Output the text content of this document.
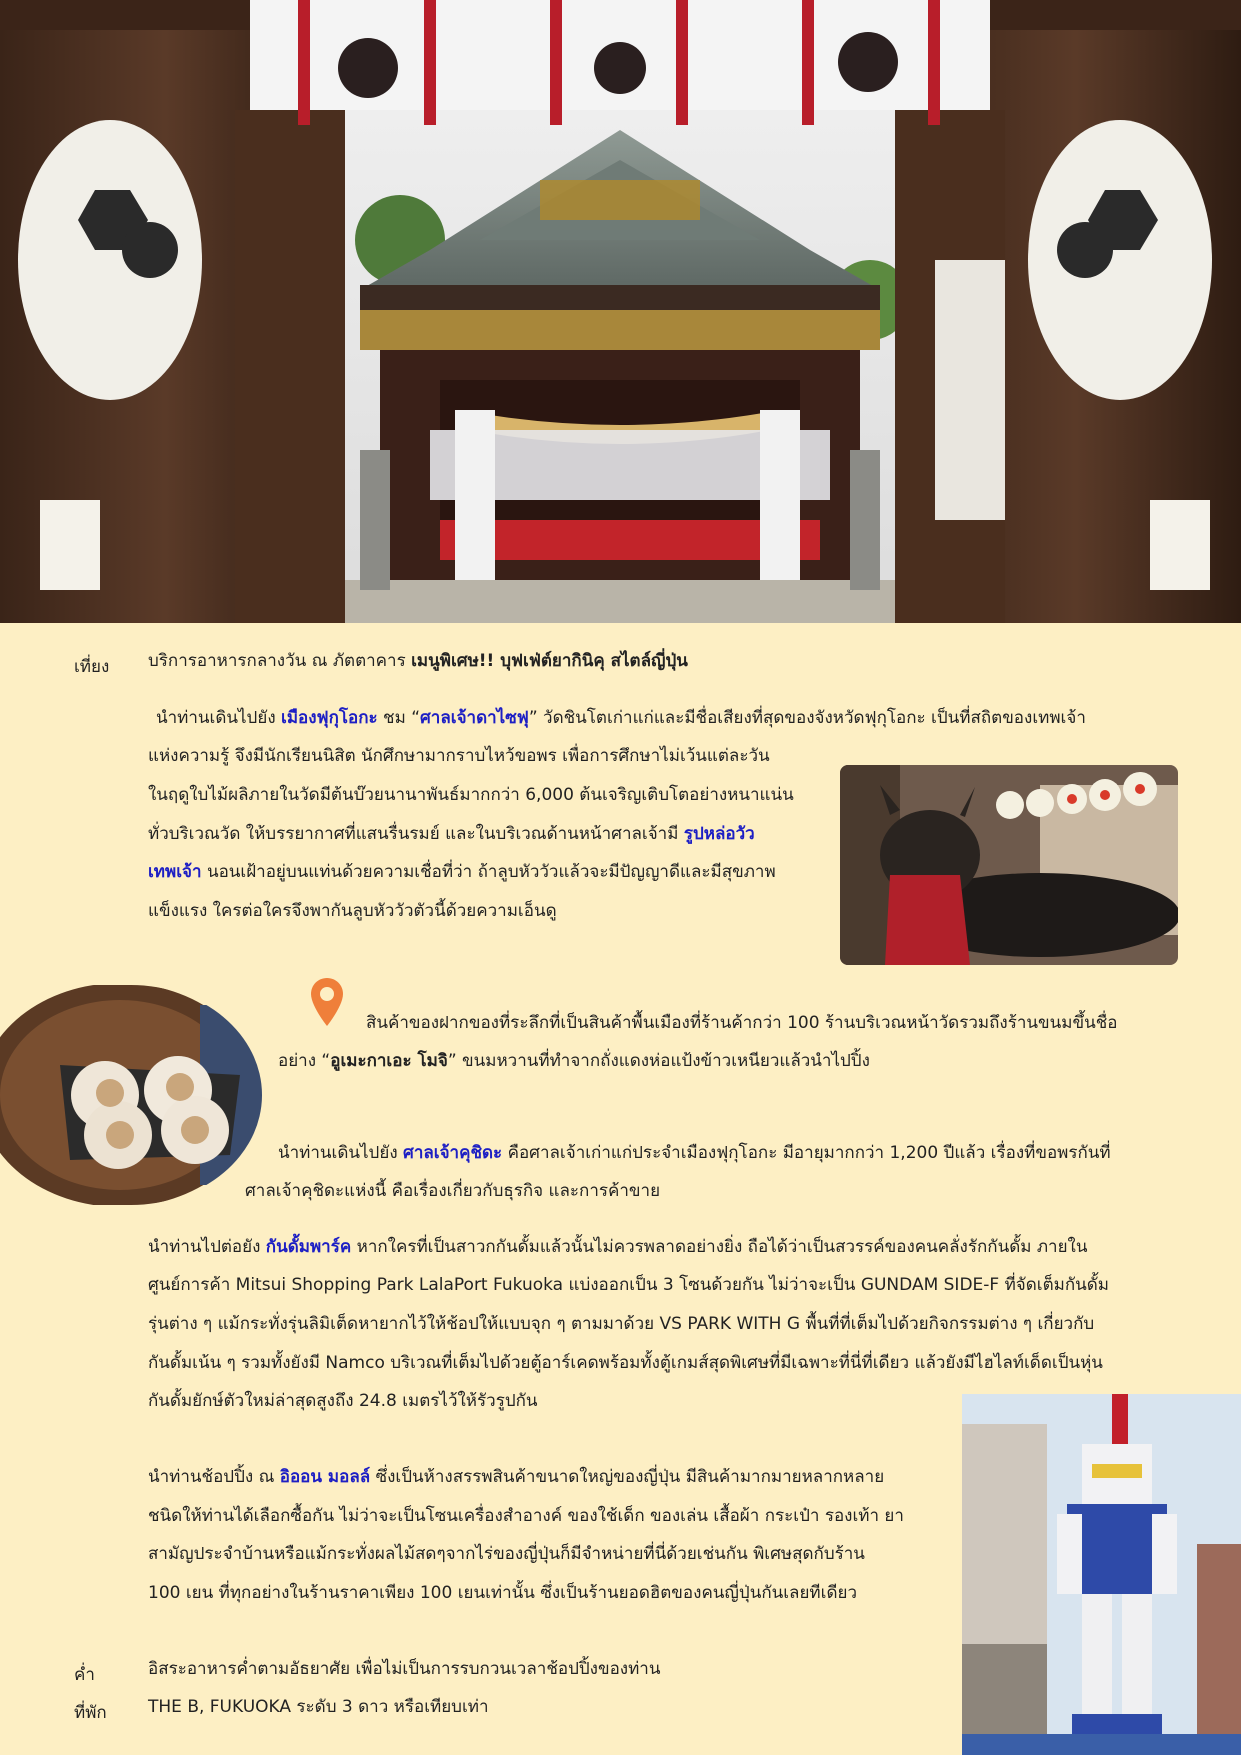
เที่ยง บริการอาหารกลางวัน ณ ภัตตาคาร เมนูพิเศษ!! บุฟเฟ่ต์ยากินิคุ สไตล์ญี่ปุ่น
นำท่านเดินไปยัง เมืองฟุกุโอกะ ชม “ศาลเจ้าดาไซฟุ” วัดชินโตเก่าแก่และมีชื่อเสียงที่สุดของจังหวัดฟุกุโอกะ เป็นที่สถิตของเทพเจ้า
แห่งความรู้ จึงมีนักเรียนนิสิต นักศึกษามากราบไหว้ขอพร เพื่อการศึกษาไม่เว้นแต่ละวัน
ในฤดูใบไม้ผลิภายในวัดมีต้นบ๊วยนานาพันธ์มากกว่า 6,000 ต้นเจริญเติบโตอย่างหนาแน่น
ทั่วบริเวณวัด ให้บรรยากาศที่แสนรื่นรมย์ และในบริเวณด้านหน้าศาลเจ้ามี รูปหล่อวัว
เทพเจ้า นอนเฝ้าอยู่บนแท่นด้วยความเชื่อที่ว่า ถ้าลูบหัววัวแล้วจะมีปัญญาดีและมีสุขภาพ
แข็งแรง ใครต่อใครจึงพากันลูบหัววัวตัวนี้ด้วยความเอ็นดู
สินค้าของฝากของที่ระลึกที่เป็นสินค้าพื้นเมืองที่ร้านค้ากว่า 100 ร้านบริเวณหน้าวัดรวมถึงร้านขนมขึ้นชื่อ
อย่าง “อูเมะกาเอะ โมจิ” ขนมหวานที่ทำจากถั่งแดงห่อแป้งข้าวเหนียวแล้วนำไปปิ้ง
นำท่านเดินไปยัง ศาลเจ้าคุชิดะ คือศาลเจ้าเก่าแก่ประจำเมืองฟุกุโอกะ มีอายุมากกว่า 1,200 ปีแล้ว เรื่องที่ขอพรกันที่
ศาลเจ้าคุชิดะแห่งนี้ คือเรื่องเกี่ยวกับธุรกิจ และการค้าขาย
นำท่านไปต่อยัง กันดั้มพาร์ค หากใครที่เป็นสาวกกันดั้มแล้วนั้นไม่ควรพลาดอย่างยิ่ง ถือได้ว่าเป็นสวรรค์ของคนคลั่งรักกันดั้ม ภายใน
ศูนย์การค้า Mitsui Shopping Park LalaPort Fukuoka แบ่งออกเป็น 3 โซนด้วยกัน ไม่ว่าจะเป็น GUNDAM SIDE-F ที่จัดเต็มกันดั้ม
รุ่นต่าง ๆ แม้กระทั่งรุ่นลิมิเต็ดหายากไว้ให้ช้อปให้แบบจุก ๆ ตามมาด้วย VS PARK WITH G พื้นที่ที่เต็มไปด้วยกิจกรรมต่าง ๆ เกี่ยวกับ
กันดั้มเน้น ๆ รวมทั้งยังมี Namco บริเวณที่เต็มไปด้วยตู้อาร์เคดพร้อมทั้งตู้เกมส์สุดพิเศษที่มีเฉพาะที่นี่ที่เดียว แล้วยังมีไฮไลท์เด็ดเป็นหุ่น
กันดั้มยักษ์ตัวใหม่ล่าสุดสูงถึง 24.8 เมตรไว้ให้รัวรูปกัน
นำท่านช้อปปิ้ง ณ อิออน มอลล์ ซึ่งเป็นห้างสรรพสินค้าขนาดใหญ่ของญี่ปุ่น มีสินค้ามากมายหลากหลาย
ชนิดให้ท่านได้เลือกซื้อกัน ไม่ว่าจะเป็นโซนเครื่องสำอางค์ ของใช้เด็ก ของเล่น เสื้อผ้า กระเป๋า รองเท้า ยา
สามัญประจำบ้านหรือแม้กระทั่งผลไม้สดๆจากไร่ของญี่ปุ่นก็มีจำหน่ายที่นี่ด้วยเช่นกัน พิเศษสุดกับร้าน
100 เยน ที่ทุกอย่างในร้านราคาเพียง 100 เยนเท่านั้น ซึ่งเป็นร้านยอดฮิตของคนญี่ปุ่นกันเลยทีเดียว
ค่ำ	อิสระอาหารค่ำตามอัธยาศัย เพื่อไม่เป็นการรบกวนเวลาช้อปปิ้งของท่าน
ที่พัก THE B, FUKUOKA ระดับ 3 ดาว หรือเทียบเท่า
